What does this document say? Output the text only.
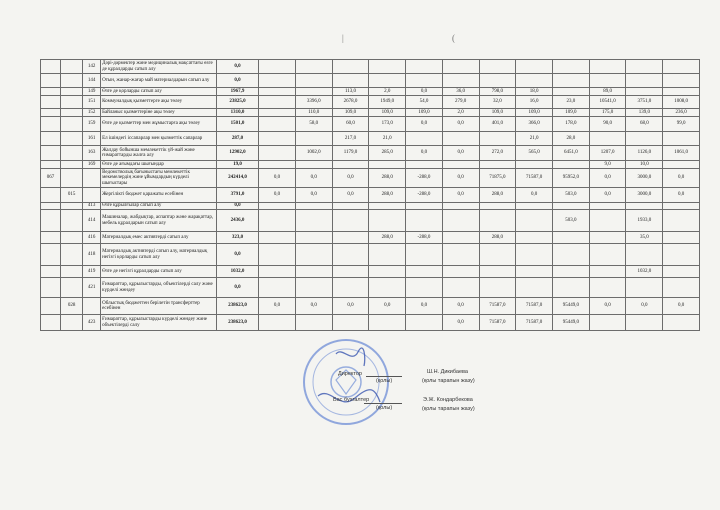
|	(
		142	Дәрі-дәрмектер және медициналық мақсаттағы өзге де құралдарды сатып алу	0,0												
		144	Отын, жанар-жағар май материалдарын сатып алу	0,0												
		149	Өзге де қорларды сатып алу	1967,9			113,0	2,0	0,0	36,0	798,0	18,0		89,0		
		151	Коммуналдық қызметтерге ақы төлеу	23825,0		3396,0	2678,0	1949,0	54,0	279,0	32,0	16,0	23,0	10541,0	3751,0	1008,0
		152	Байланыс қызметтеріне ақы төлеу	1310,0		110,0	109,0	109,0	109,0	2,0	109,0	109,0	109,0	175,0	139,0	236,0
		159	Өзге де қызметтер мен жұмыстарға ақы төлеу	1501,0		58,0	60,0	173,0	0,0	0,0	401,0	366,0	178,0	90,0	68,0	99,0
		161	Ел ішіндегі іссапарлар мен қызметтік сапарлар	287,0			217,0	21,0				21,0	28,0			
		163	Жалдау бойынша мемлекеттік үй-жай және ғимараттарды жалға алу	12902,0		1002,0	1179,0	285,0	0,0	0,0	272,0	565,0	6451,0	1207,0	1126,0	1061,0
		169	Өзге де ағымдағы шығындар	19,0										9,0	10,0	
067			Ведомстволық бағыныстағы мемлекеттік мекемелердің және ұйымдардың күрделі шығыстары	242414,0	0,0	0,0	0,0	288,0	-288,0	0,0	71875,0	71587,0	95952,0	0,0	3000,0	0,0
	015		Жергілікті бюджет қаражаты есебінен	3791,0	0,0	0,0	0,0	288,0	-288,0	0,0	288,0	0,0	503,0	0,0	3000,0	0,0
		413	Өзге құрылғылар сатып алу	0,0												
		414	Машиналар, жабдықтар, аспаптар және жарақаттар, мебель құралдарын сатып алу	2436,0									503,0		1933,0	
		416	Материалдық емес активтерді сатып алу	323,0				288,0	-288,0		288,0				35,0	
		418	Материалдық активтерді сатып алу, материалдық негізгі қорларды сатып алу	0,0												
		419	Өзге де негізгі құралдарды сатып алу	1032,0											1032,0	
		421	Ғимараттар, құрылыстарды, объектілерді салу және күрделі жөндеу	0,0												
	028		Облыстық бюджеттен берілетін трансферттер есебінен	238623,0	0,0	0,0	0,0	0,0	0,0	0,0	71587,0	71587,0	95449,0	0,0	0,0	0,0
		423	Ғимараттар, құрылыстарды күрделі жөндеу және объектілерді салу	238623,0						0,0	71587,0	71587,0	95449,0			
Директор
(қолы)
Ш.Н. Дикибаева
(қолы тарапын жазу)
Бас бухгалтер
(қолы)
Э.Ж. Кондарбекова
(қолы тарапын жазу)
